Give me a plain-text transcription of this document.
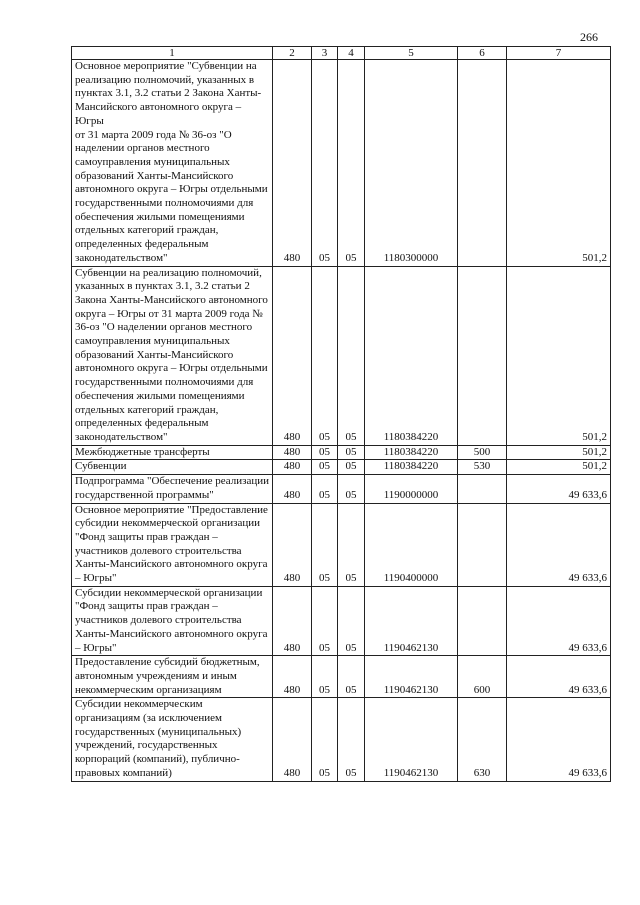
266
1	2	3	4	5	6	7
Основное мероприятие "Субвенции на реализацию полномочий, указанных в пунктах 3.1, 3.2 статьи 2 Закона Ханты-Мансийского автономного округа – Югры
от 31 марта 2009 года № 36-оз "О наделении органов местного самоуправления муниципальных образований Ханты-Мансийского автономного округа – Югры отдельными государственными полномочиями для обеспечения жилыми помещениями отдельных категорий граждан, определенных федеральным законодательством"	480	05	05	1180300000		501,2
Субвенции на реализацию полномочий, указанных в пунктах 3.1, 3.2 статьи 2 Закона Ханты-Мансийского автономного округа – Югры от 31 марта 2009 года № 36-оз "О наделении органов местного самоуправления муниципальных образований Ханты-Мансийского автономного округа – Югры отдельными государственными полномочиями для обеспечения жилыми помещениями отдельных категорий граждан, определенных федеральным законодательством"	480	05	05	1180384220		501,2
Межбюджетные трансферты	480	05	05	1180384220	500	501,2
Субвенции	480	05	05	1180384220	530	501,2
Подпрограмма "Обеспечение реализации государственной программы"	480	05	05	1190000000		49 633,6
Основное мероприятие "Предоставление субсидии некоммерческой организации "Фонд защиты прав граждан – участников долевого строительства Ханты-Мансийского автономного округа – Югры"	480	05	05	1190400000		49 633,6
Субсидии некоммерческой организации "Фонд защиты прав граждан – участников долевого строительства Ханты-Мансийского автономного округа – Югры"	480	05	05	1190462130		49 633,6
Предоставление субсидий бюджетным, автономным учреждениям и иным некоммерческим организациям	480	05	05	1190462130	600	49 633,6
Субсидии некоммерческим организациям (за исключением государственных (муниципальных) учреждений, государственных корпораций (компаний), публично-правовых компаний)	480	05	05	1190462130	630	49 633,6
